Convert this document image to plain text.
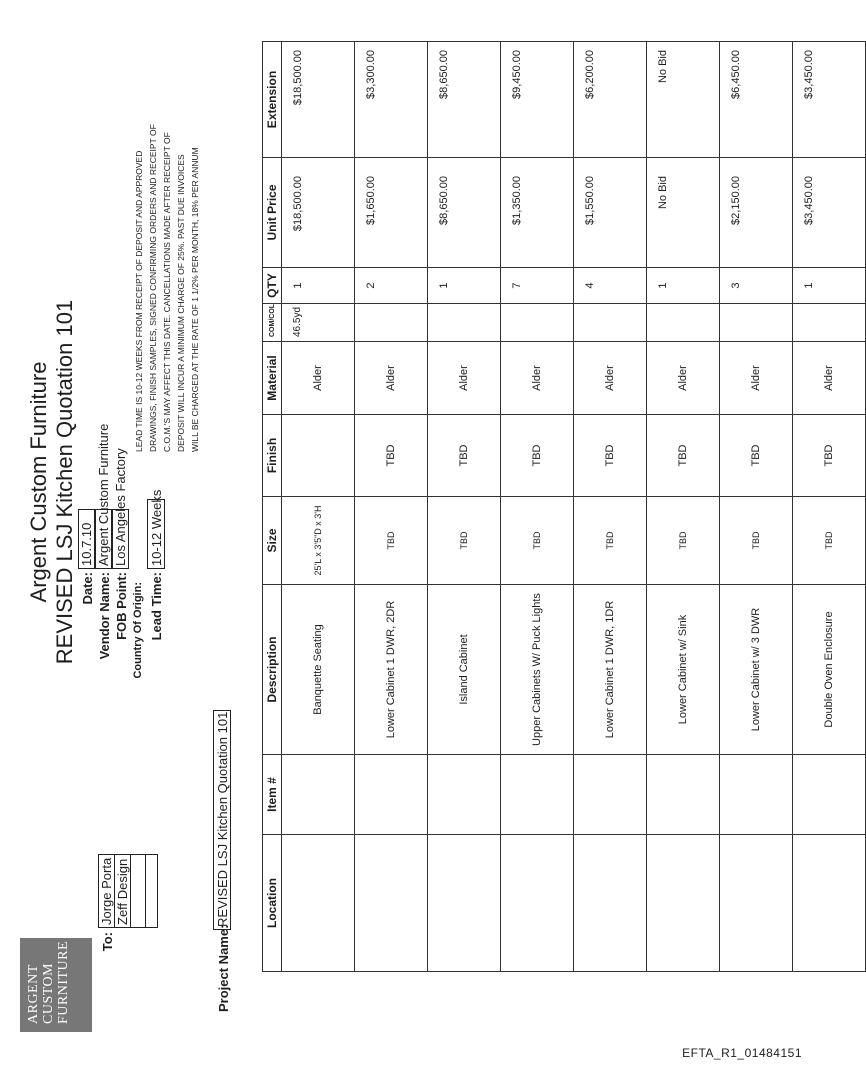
ARGENT CUSTOM FURNITURE
Argent Custom Furniture REVISED LSJ Kitchen Quotation 101
To:
Jorge Porta Zeff Design
Project Name:
REVISED LSJ Kitchen Quotation 101
Date:
10.7.10
Vendor Name:
Argent Custom Furniture
FOB Point:
Los Angeles Factory
Country Of Origin: Lead Time:
10-12 Weeks
LEAD TIME IS 10-12 WEEKS FROM RECEIPT OF DEPOSIT AND APPROVED DRAWINGS, FINISH SAMPLES, SIGNED CONFIRMING ORDERS AND RECEIPT OF C.O.M.'S MAY AFFECT THIS DATE. CANCELLATIONS MADE AFTER RECEIPT OF DEPOSIT WILL INCUR A MINIMUM CHARGE OF 25%. PAST DUE INVOICES WILL BE CHARGED AT THE RATE OF 1 1/2% PER MONTH, 18% PER ANNUM
Location	Item #	Description	Size	Finish	Material	COM/COL	QTY	Unit Price	Extension
		Banquette Seating	25'L x 3'5"D x 3'H		Alder	46.5yd	1	$18,500.00	$18,500.00
		Lower Cabinet 1 DWR, 2DR	TBD	TBD	Alder		2	$1,650.00	$3,300.00
		Island Cabinet	TBD	TBD	Alder		1	$8,650.00	$8,650.00
		Upper Cabinets W/ Puck Lights	TBD	TBD	Alder		7	$1,350.00	$9,450.00
		Lower Cabinet 1 DWR, 1DR	TBD	TBD	Alder		4	$1,550.00	$6,200.00
		Lower Cabinet w/ Sink	TBD	TBD	Alder		1	No Bid	No Bid
		Lower Cabinet w/ 3 DWR	TBD	TBD	Alder		3	$2,150.00	$6,450.00
		Double Oven Enclosure	TBD	TBD	Alder		1	$3,450.00	$3,450.00
EFTA_R1_01484151
